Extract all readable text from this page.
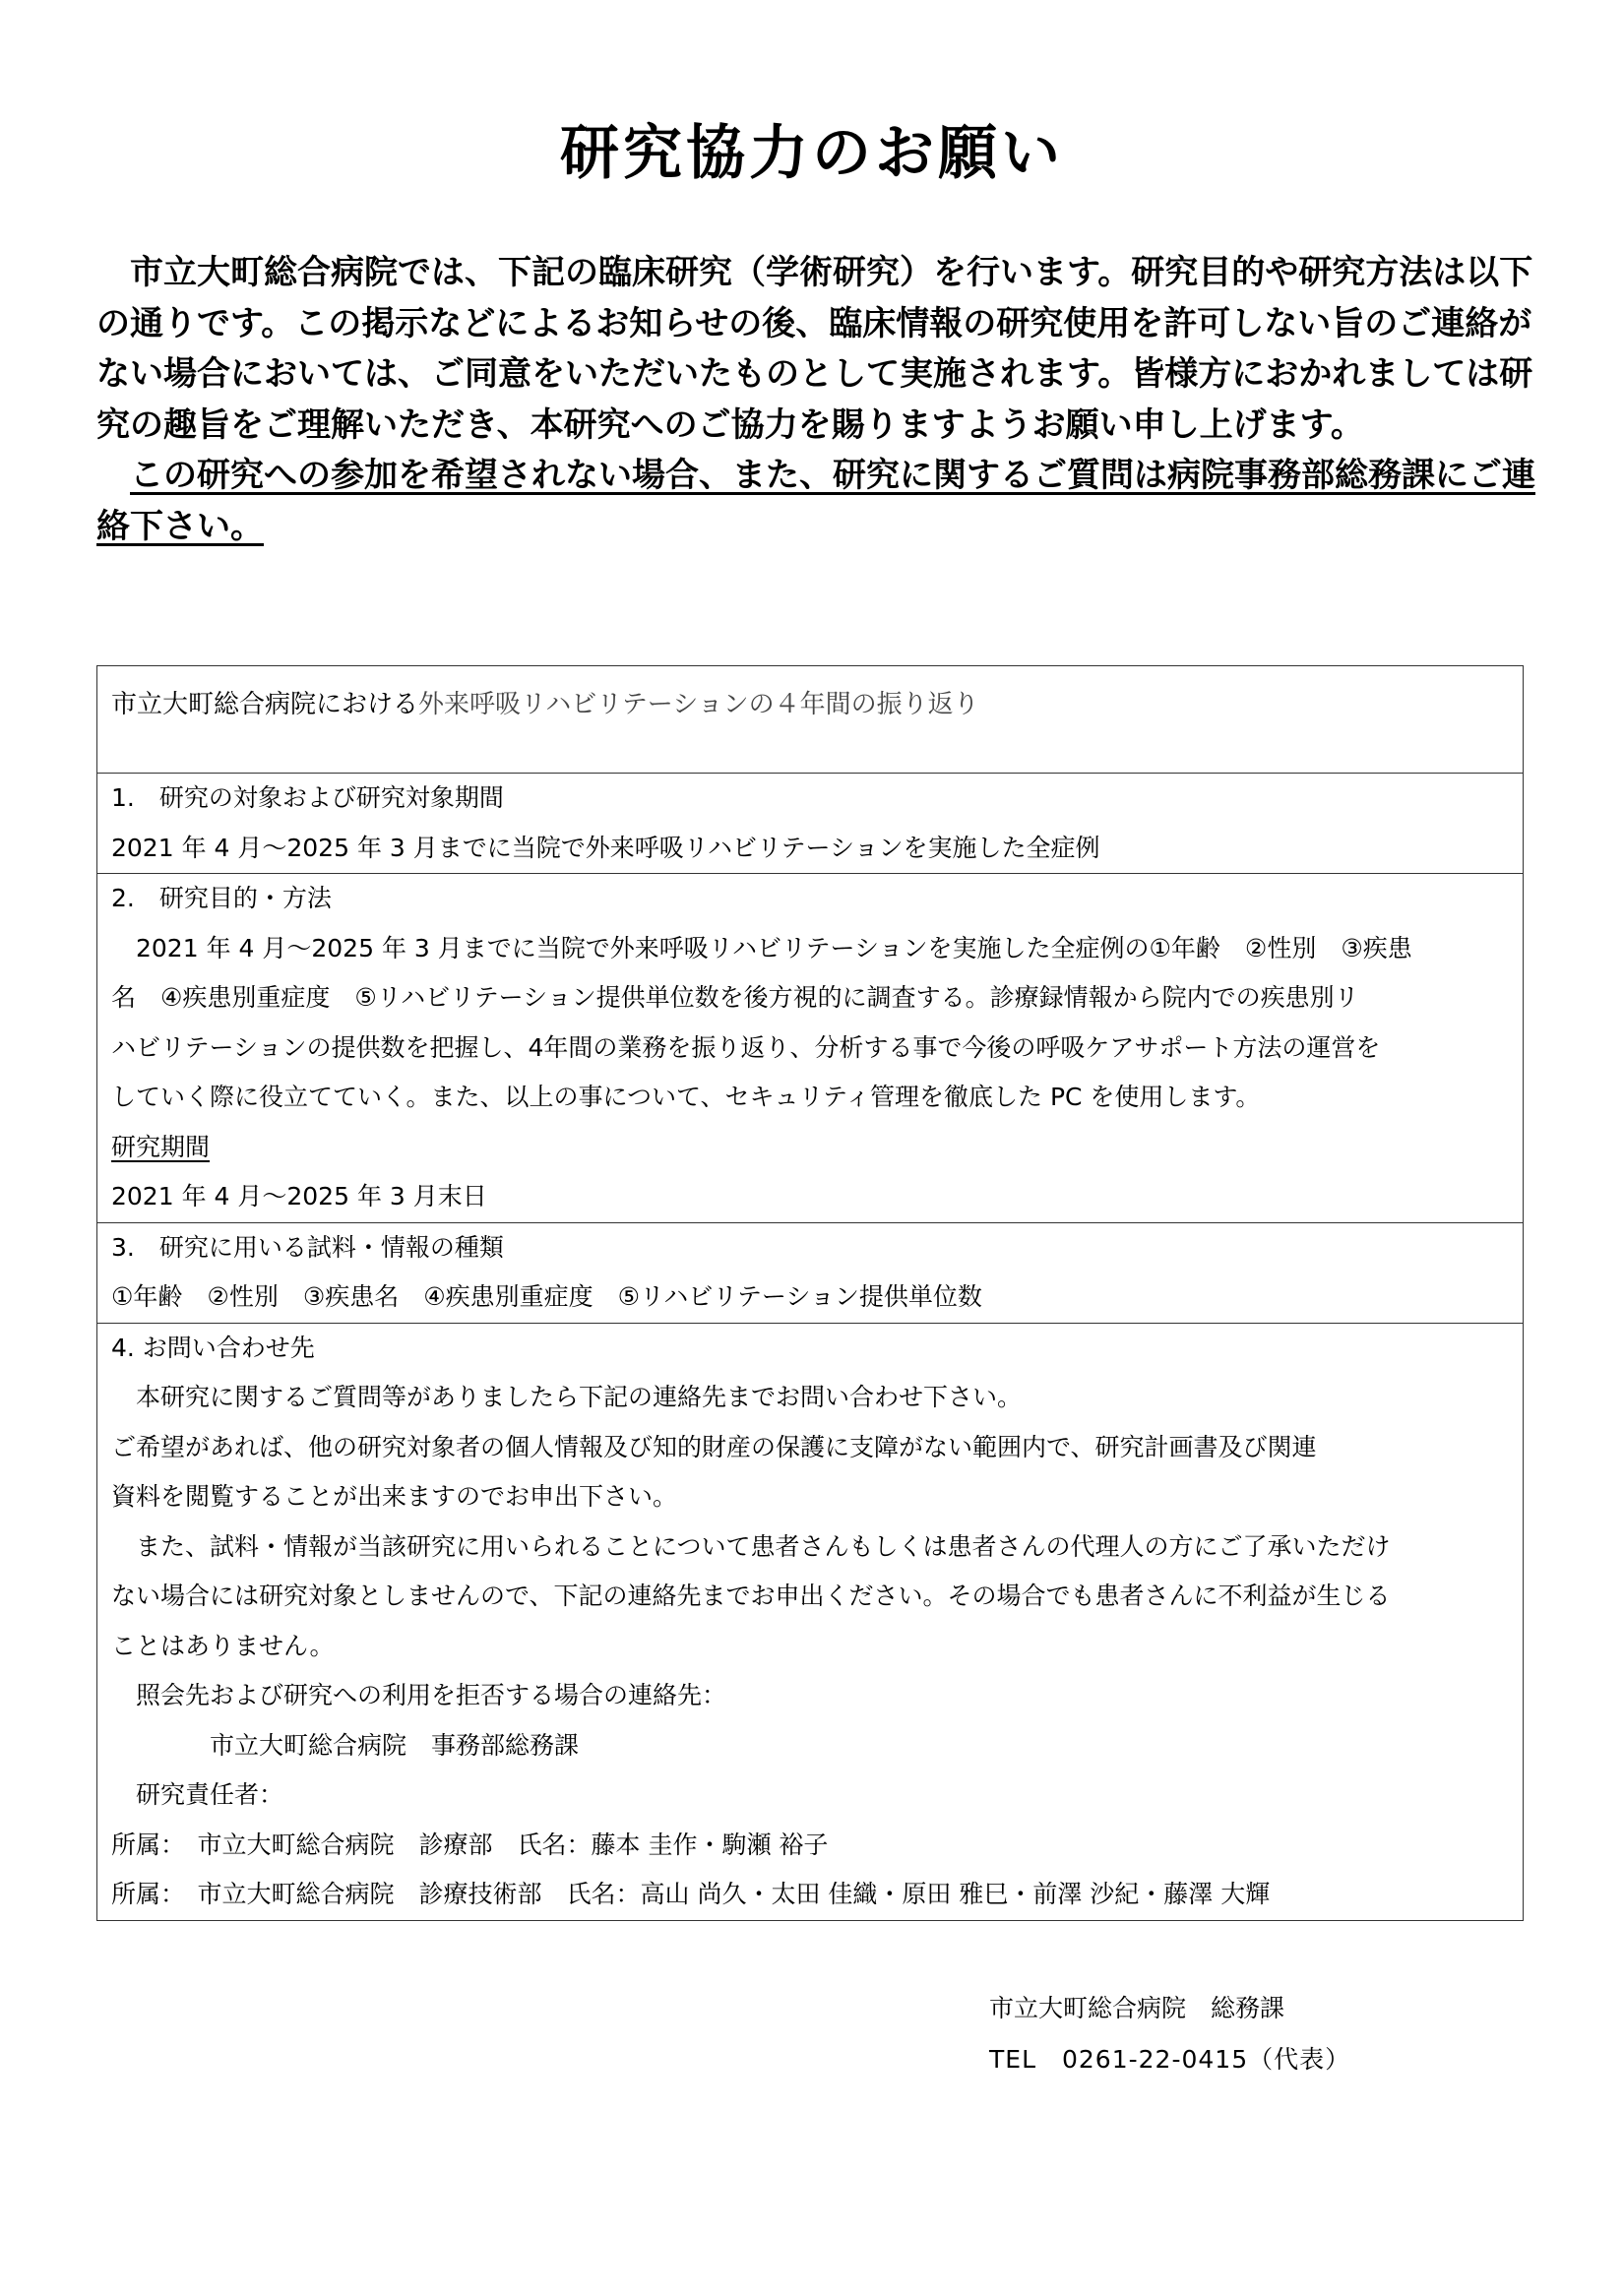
研究協力のお願い

市立大町総合病院では、下記の臨床研究（学術研究）を行います。研究目的や研究方法は以下の通りです。この掲示などによるお知らせの後、臨床情報の研究使用を許可しない旨のご連絡がない場合においては、ご同意をいただいたものとして実施されます。皆様方におかれましては研究の趣旨をご理解いただき、本研究へのご協力を賜りますようお願い申し上げます。

この研究への参加を希望されない場合、また、研究に関するご質問は病院事務部総務課にご連絡下さい。

市立大町総合病院における外来呼吸リハビリテーションの４年間の振り返り
1.　研究の対象および研究対象期間
2021 年 4 月～2025 年 3 月までに当院で外来呼吸リハビリテーションを実施した全症例
2.　研究目的・方法
2021 年 4 月～2025 年 3 月までに当院で外来呼吸リハビリテーションを実施した全症例の①年齢　②性別　③疾患
名　④疾患別重症度　⑤リハビリテーション提供単位数を後方視的に調査する。診療録情報から院内での疾患別リ
ハビリテーションの提供数を把握し、4年間の業務を振り返り、分析する事で今後の呼吸ケアサポート方法の運営を
していく際に役立てていく。また、以上の事について、セキュリティ管理を徹底した PC を使用します。
研究期間
2021 年 4 月～2025 年 3 月末日
3.　研究に用いる試料・情報の種類
①年齢　②性別　③疾患名　④疾患別重症度　⑤リハビリテーション提供単位数
4. お問い合わせ先
本研究に関するご質問等がありましたら下記の連絡先までお問い合わせ下さい。
ご希望があれば、他の研究対象者の個人情報及び知的財産の保護に支障がない範囲内で、研究計画書及び関連
資料を閲覧することが出来ますのでお申出下さい。
また、試料・情報が当該研究に用いられることについて患者さんもしくは患者さんの代理人の方にご了承いただけ
ない場合には研究対象としませんので、下記の連絡先までお申出ください。その場合でも患者さんに不利益が生じる
ことはありません。
照会先および研究への利用を拒否する場合の連絡先：
市立大町総合病院　事務部総務課
研究責任者：
所属：　市立大町総合病院　診療部　氏名：藤本 圭作・駒瀬 裕子
所属：　市立大町総合病院　診療技術部　氏名：高山 尚久・太田 佳織・原田 雅巳・前澤 沙紀・藤澤 大輝
市立大町総合病院　総務課
TEL　0261-22-0415（代表）
